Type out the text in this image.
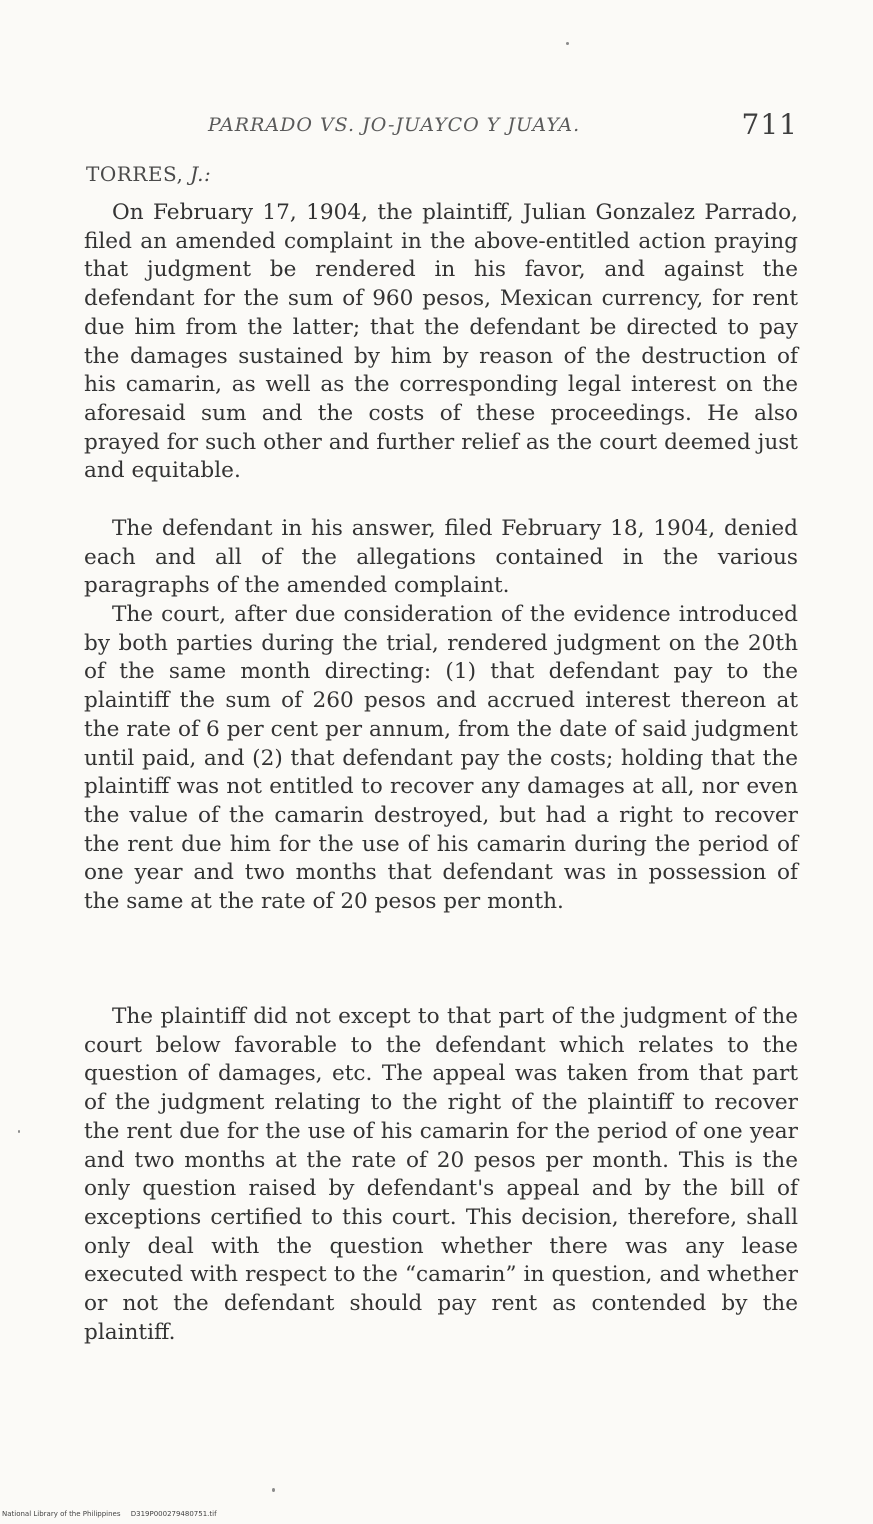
PARRADO VS. JO-JUAYCO Y JUAYA.	711
TORRES, J.:

On February 17, 1904, the plaintiff, Julian Gonzalez Parrado, filed an amended complaint in the above-entitled action praying that judgment be rendered in his favor, and against the defendant for the sum of 960 pesos, Mexican currency, for rent due him from the latter; that the defendant be directed to pay the damages sustained by him by reason of the destruction of his camarin, as well as the corresponding legal interest on the aforesaid sum and the costs of these proceedings. He also prayed for such other and further relief as the court deemed just and equitable.

The defendant in his answer, filed February 18, 1904, denied each and all of the allegations contained in the various paragraphs of the amended complaint.

The court, after due consideration of the evidence introduced by both parties during the trial, rendered judgment on the 20th of the same month directing: (1) that defendant pay to the plaintiff the sum of 260 pesos and accrued interest thereon at the rate of 6 per cent per annum, from the date of said judgment until paid, and (2) that defendant pay the costs; holding that the plaintiff was not entitled to recover any damages at all, nor even the value of the camarin destroyed, but had a right to recover the rent due him for the use of his camarin during the period of one year and two months that defendant was in possession of the same at the rate of 20 pesos per month.

The plaintiff did not except to that part of the judgment of the court below favorable to the defendant which relates to the question of damages, etc. The appeal was taken from that part of the judgment relating to the right of the plaintiff to recover the rent due for the use of his camarin for the period of one year and two months at the rate of 20 pesos per month. This is the only question raised by defendant's appeal and by the bill of exceptions certified to this court. This decision, therefore, shall only deal with the question whether there was any lease executed with respect to the “camarin” in question, and whether or not the defendant should pay rent as contended by the plaintiff.

National Library of the Philippines D319P000279480751.tif
